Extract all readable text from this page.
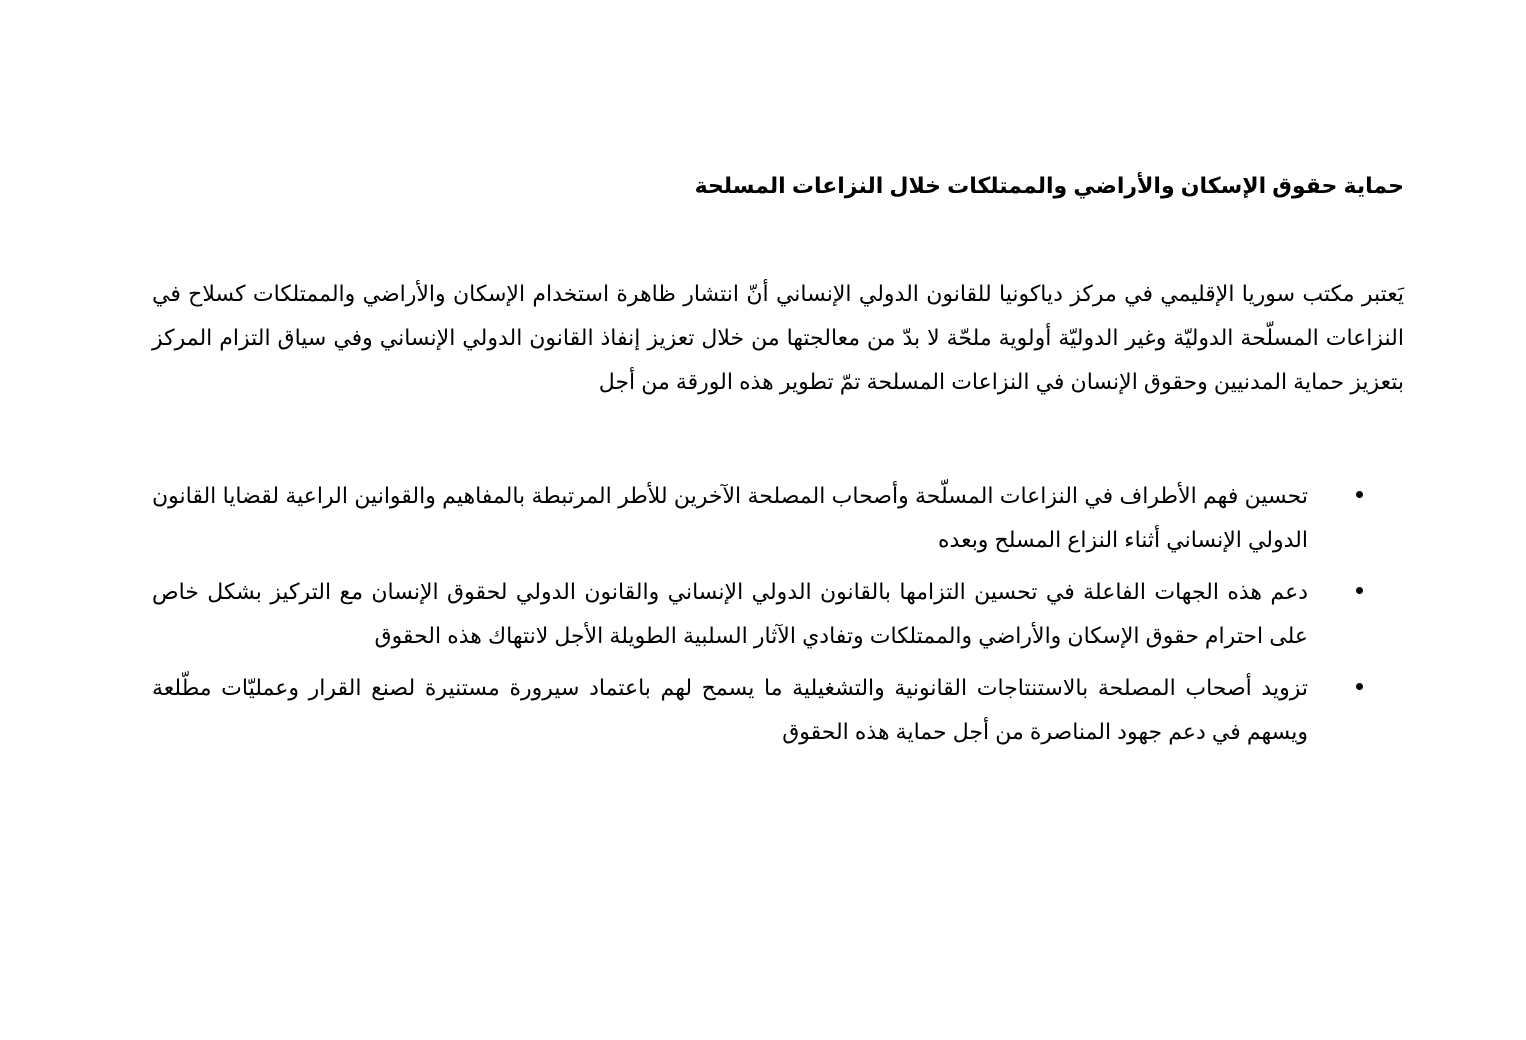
حماية حقوق الإسكان والأراضي والممتلكات خلال النزاعات المسلحة

يَعتبر مكتب سوريا الإقليمي في مركز دياكونيا للقانون الدولي الإنساني أنّ انتشار ظاهرة استخدام الإسكان والأراضي والممتلكات كسلاح في النزاعات المسلّحة الدوليّة وغير الدوليّة أولوية ملحّة لا بدّ من معالجتها من خلال تعزيز إنفاذ القانون الدولي الإنساني وفي سياق التزام المركز بتعزيز حماية المدنيين وحقوق الإنسان في النزاعات المسلحة تمّ تطوير هذه الورقة من أجل

تحسين فهم الأطراف في النزاعات المسلّحة وأصحاب المصلحة الآخرين للأطر المرتبطة بالمفاهيم والقوانين الراعية لقضايا القانون الدولي الإنساني أثناء النزاع المسلح وبعده
دعم هذه الجهات الفاعلة في تحسين التزامها بالقانون الدولي الإنساني والقانون الدولي لحقوق الإنسان مع التركيز بشكل خاص على احترام حقوق الإسكان والأراضي والممتلكات وتفادي الآثار السلبية الطويلة الأجل لانتهاك هذه الحقوق
تزويد أصحاب المصلحة بالاستنتاجات القانونية والتشغيلية ما يسمح لهم باعتماد سيرورة مستنيرة لصنع القرار وعمليّات مطّلعة ويسهم في دعم جهود المناصرة من أجل حماية هذه الحقوق
